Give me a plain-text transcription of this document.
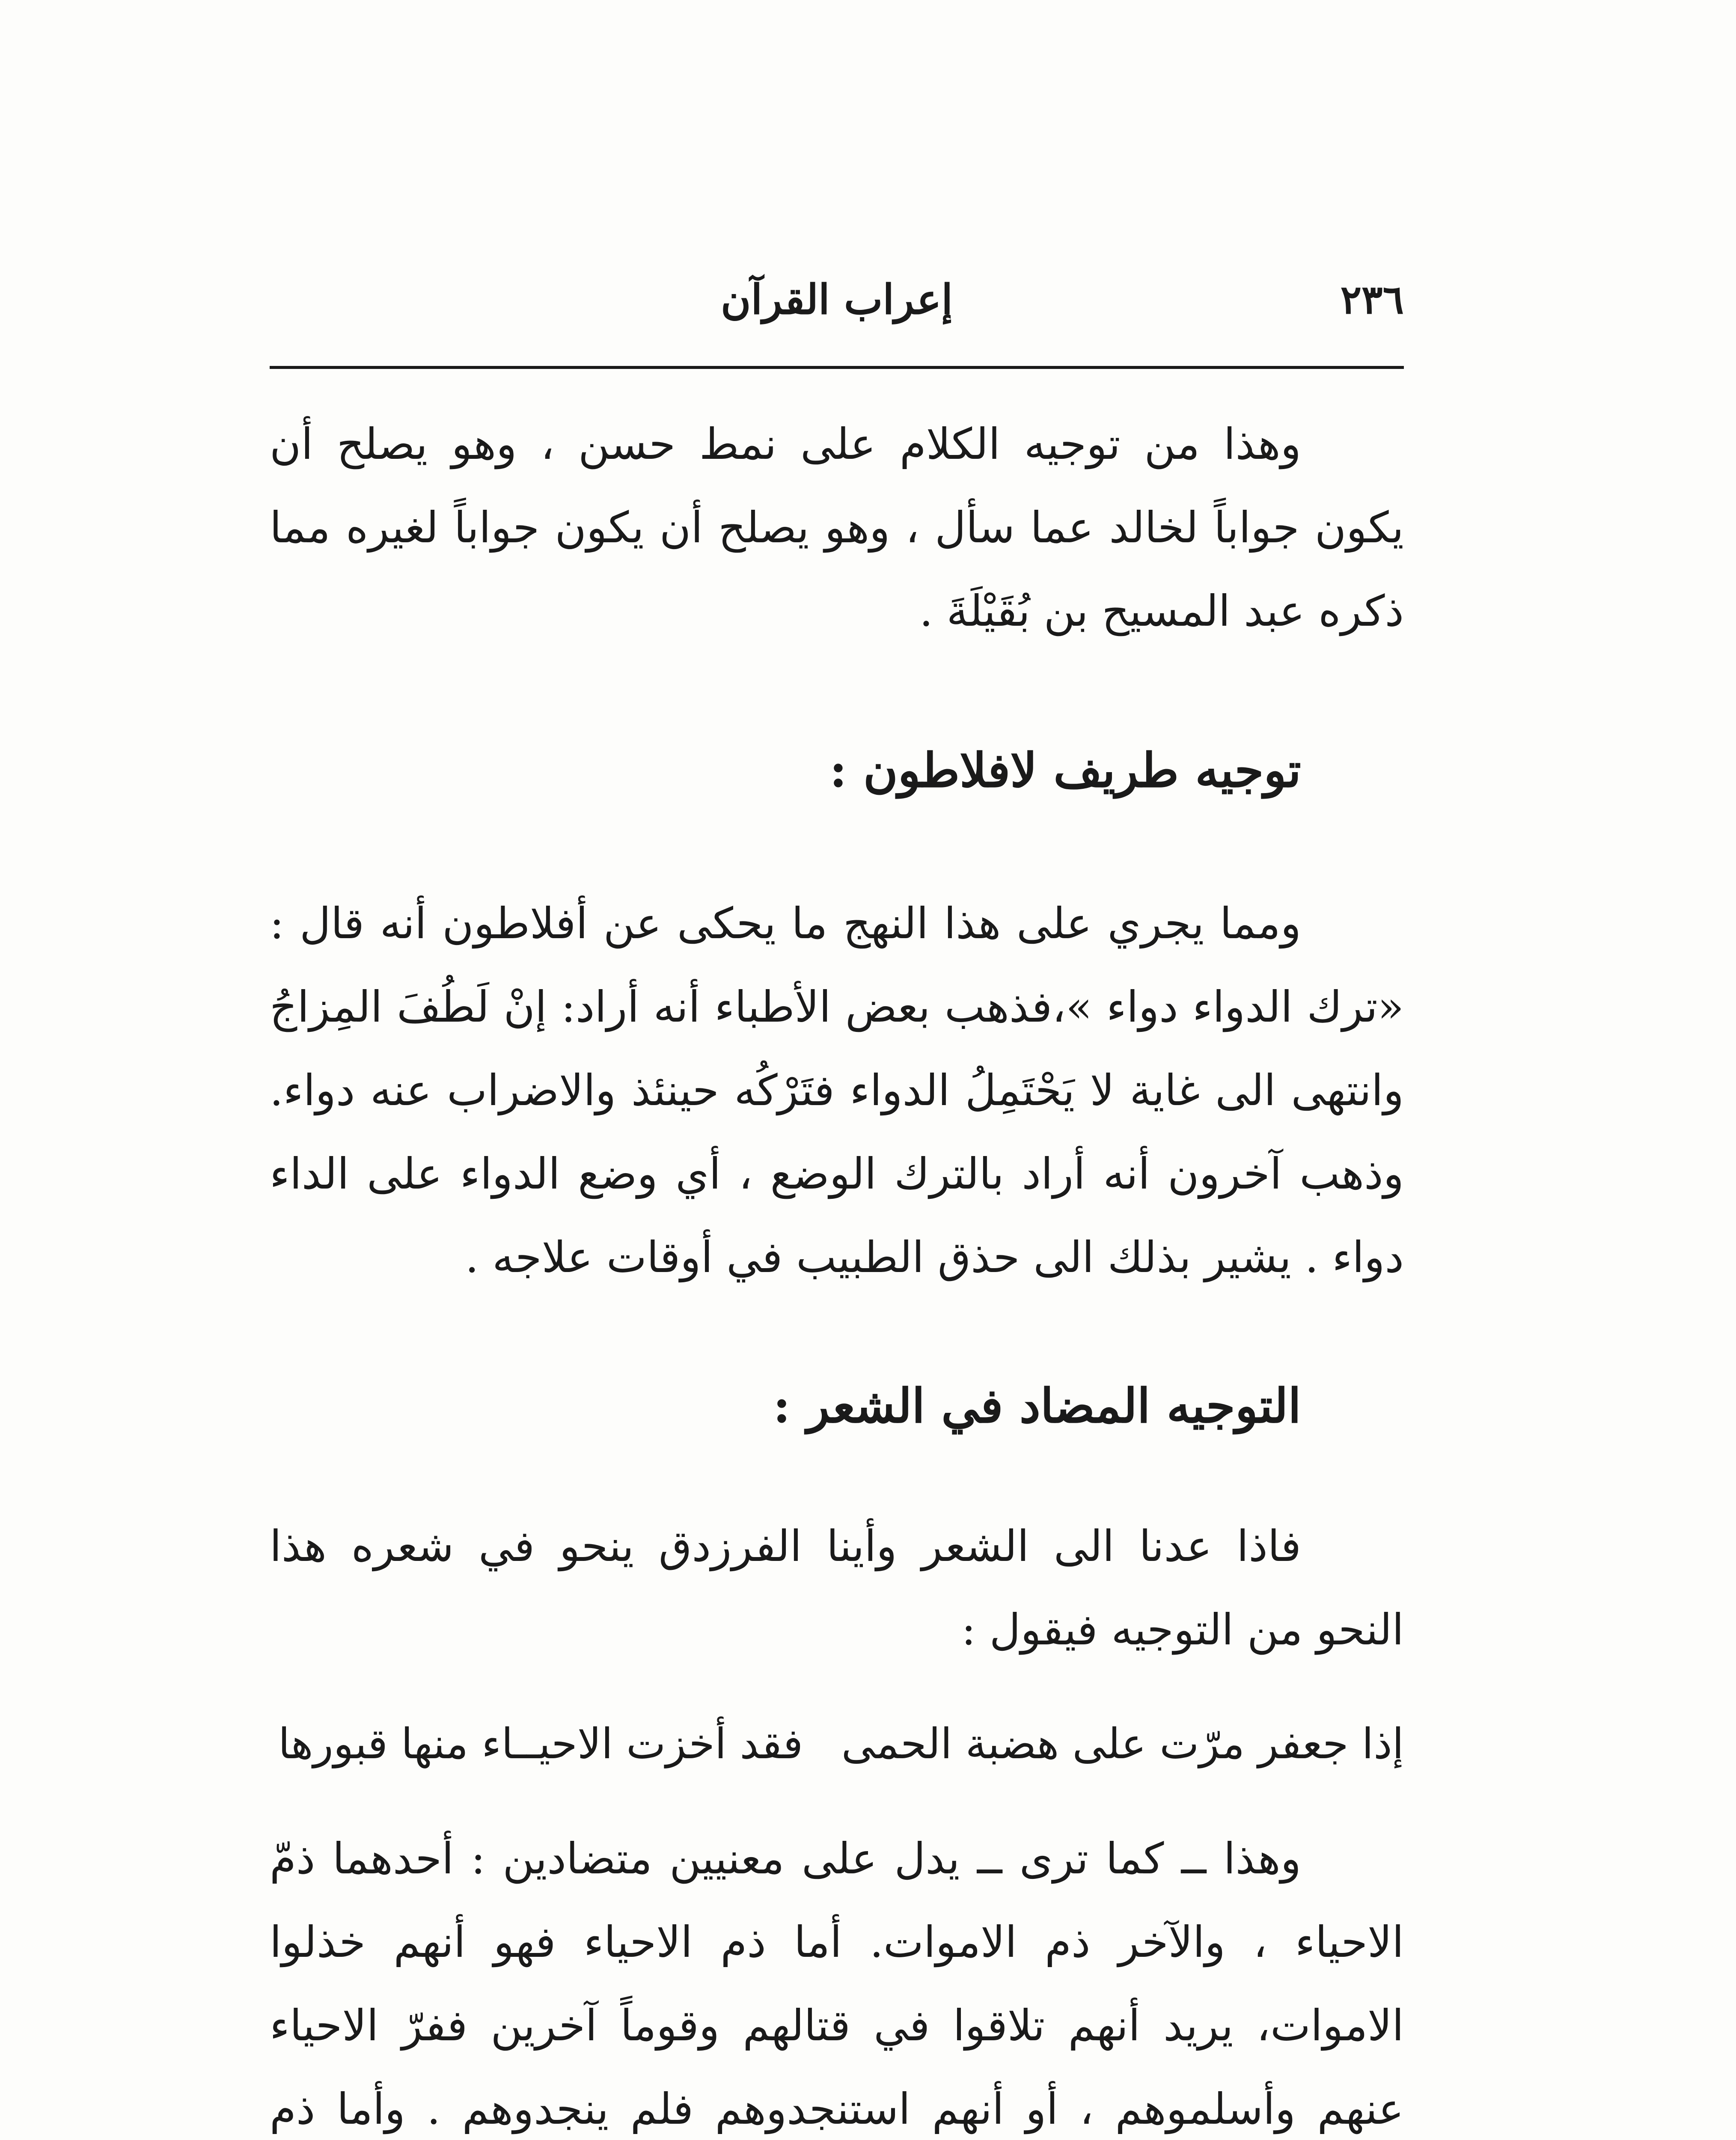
٢٣٦
إعراب القرآن

وهذا من توجيه الكلام على نمط حسن ، وهو يصلح أن يكون جواباً لخالد عما سأل ، وهو يصلح أن يكون جواباً لغيره مما ذكره عبد المسيح بن بُقَيْلَةَ .

توجيه طريف لافلاطون :

ومما يجري على هذا النهج ما يحكى عن أفلاطون أنه قال : «ترك الدواء دواء »،فذهب بعض الأطباء أنه أراد: إنْ لَطُفَ المِزاجُ وانتهى الى غاية لا يَحْتَمِلُ الدواء فتَرْكُه حينئذ والاضراب عنه دواء. وذهب آخرون أنه أراد بالترك الوضع ، أي وضع الدواء على الداء دواء . يشير بذلك الى حذق الطبيب في أوقات علاجه .

التوجيه المضاد في الشعر :

فاذا عدنا الى الشعر وأينا الفرزدق ينحو في شعره هذا النحو من التوجيه فيقول :

إذا جعفر مرّت على هضبة الحمى
فقد أخزت الاحيــاء منها قبورها

وهذا ــ كما ترى ــ يدل على معنيين متضادين : أحدهما ذمّ الاحياء ، والآخر ذم الاموات. أما ذم الاحياء فهو أنهم خذلوا الاموات، يريد أنهم تلاقوا في قتالهم وقوماً آخرين ففرّ الاحياء عنهم وأسلموهم ، أو أنهم استنجدوهم فلم ينجدوهم . وأما ذم
